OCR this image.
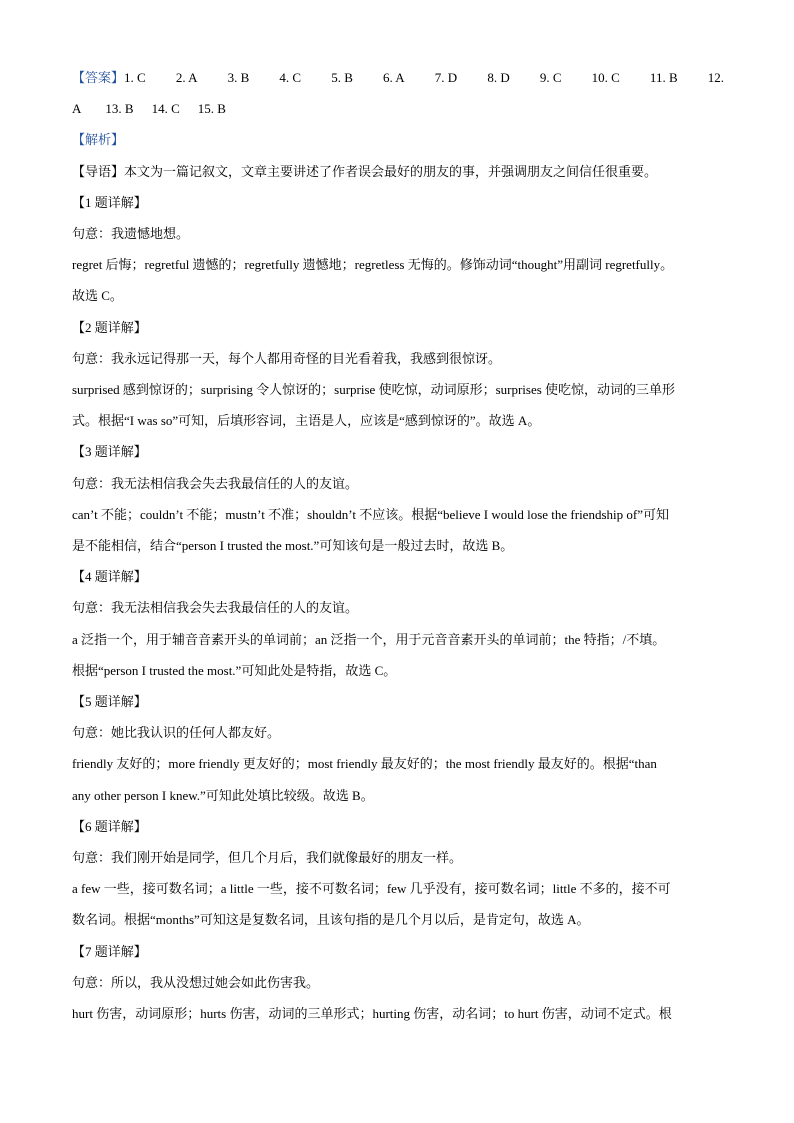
【答案】1. C 2. A 3. B 4. C 5. B 6. A 7. D 8. D 9. C 10. C 11. B 12.
A 13. B 14. C 15. B
【解析】
【导语】本文为一篇记叙文，文章主要讲述了作者误会最好的朋友的事，并强调朋友之间信任很重要。
【1 题详解】
句意：我遗憾地想。
regret 后悔；regretful 遗憾的；regretfully 遗憾地；regretless 无悔的。修饰动词“thought”用副词 regretfully。
故选 C。
【2 题详解】
句意：我永远记得那一天，每个人都用奇怪的目光看着我，我感到很惊讶。
surprised 感到惊讶的；surprising 令人惊讶的；surprise 使吃惊，动词原形；surprises 使吃惊，动词的三单形
式。根据“I was so”可知，后填形容词，主语是人，应该是“感到惊讶的”。故选 A。
【3 题详解】
句意：我无法相信我会失去我最信任的人的友谊。
can’t 不能；couldn’t 不能；mustn’t 不准；shouldn’t 不应该。根据“believe I would lose the friendship of”可知
是不能相信，结合“person I trusted the most.”可知该句是一般过去时，故选 B。
【4 题详解】
句意：我无法相信我会失去我最信任的人的友谊。
a 泛指一个，用于辅音音素开头的单词前；an 泛指一个，用于元音音素开头的单词前；the 特指；/不填。
根据“person I trusted the most.”可知此处是特指，故选 C。
【5 题详解】
句意：她比我认识的任何人都友好。
friendly 友好的；more friendly 更友好的；most friendly 最友好的；the most friendly 最友好的。根据“than
any other person I knew.”可知此处填比较级。故选 B。
【6 题详解】
句意：我们刚开始是同学，但几个月后，我们就像最好的朋友一样。
a few 一些，接可数名词；a little 一些，接不可数名词；few 几乎没有，接可数名词；little 不多的，接不可
数名词。根据“months”可知这是复数名词，且该句指的是几个月以后，是肯定句，故选 A。
【7 题详解】
句意：所以，我从没想过她会如此伤害我。
hurt 伤害，动词原形；hurts 伤害，动词的三单形式；hurting 伤害，动名词；to hurt 伤害，动词不定式。根
